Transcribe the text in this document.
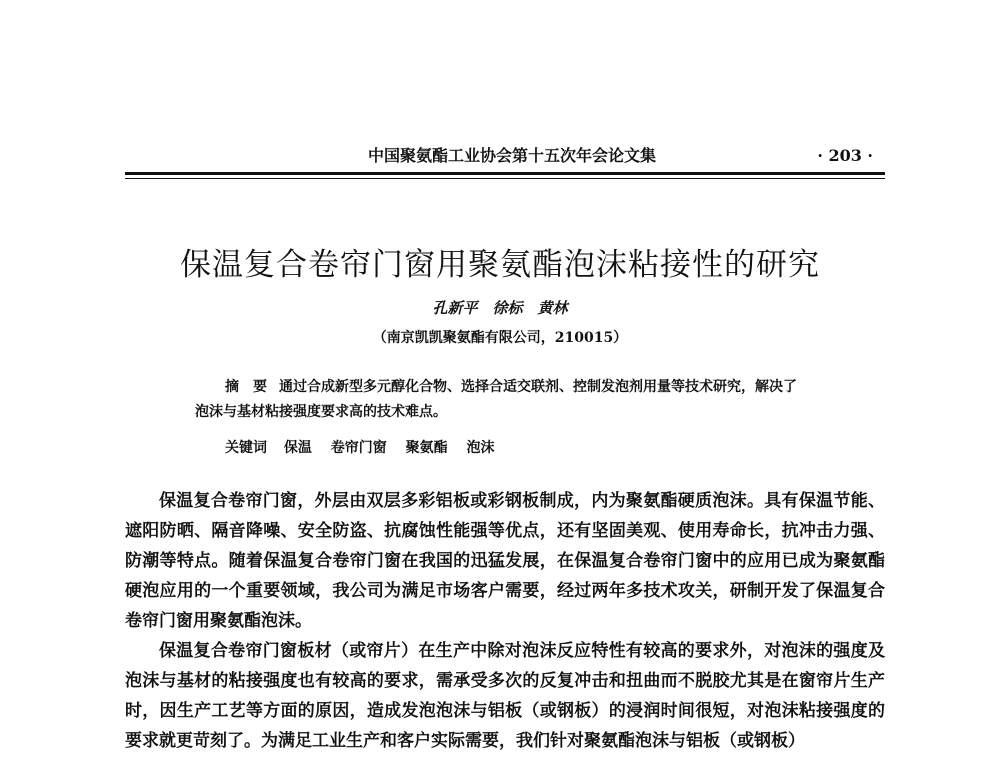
中国聚氨酯工业协会第十五次年会论文集	· 203 ·
保温复合卷帘门窗用聚氨酯泡沫粘接性的研究
孔新平　徐标　黄林
（南京凯凯聚氨酯有限公司，210015）

摘　要 通过合成新型多元醇化合物、选择合适交联剂、控制发泡剂用量等技术研究，解决了泡沫与基材粘接强度要求高的技术难点。

关键词 保温 卷帘门窗 聚氨酯 泡沫

保温复合卷帘门窗，外层由双层多彩铝板或彩钢板制成，内为聚氨酯硬质泡沫。具有保温节能、遮阳防晒、隔音降噪、安全防盗、抗腐蚀性能强等优点，还有坚固美观、使用寿命长，抗冲击力强、防潮等特点。随着保温复合卷帘门窗在我国的迅猛发展，在保温复合卷帘门窗中的应用已成为聚氨酯硬泡应用的一个重要领域，我公司为满足市场客户需要，经过两年多技术攻关，研制开发了保温复合卷帘门窗用聚氨酯泡沫。

保温复合卷帘门窗板材（或帘片）在生产中除对泡沫反应特性有较高的要求外，对泡沫的强度及泡沫与基材的粘接强度也有较高的要求，需承受多次的反复冲击和扭曲而不脱胶尤其是在窗帘片生产时，因生产工艺等方面的原因，造成发泡泡沫与铝板（或钢板）的浸润时间很短，对泡沫粘接强度的要求就更苛刻了。为满足工业生产和客户实际需要，我们针对聚氨酯泡沫与铝板（或钢板）
